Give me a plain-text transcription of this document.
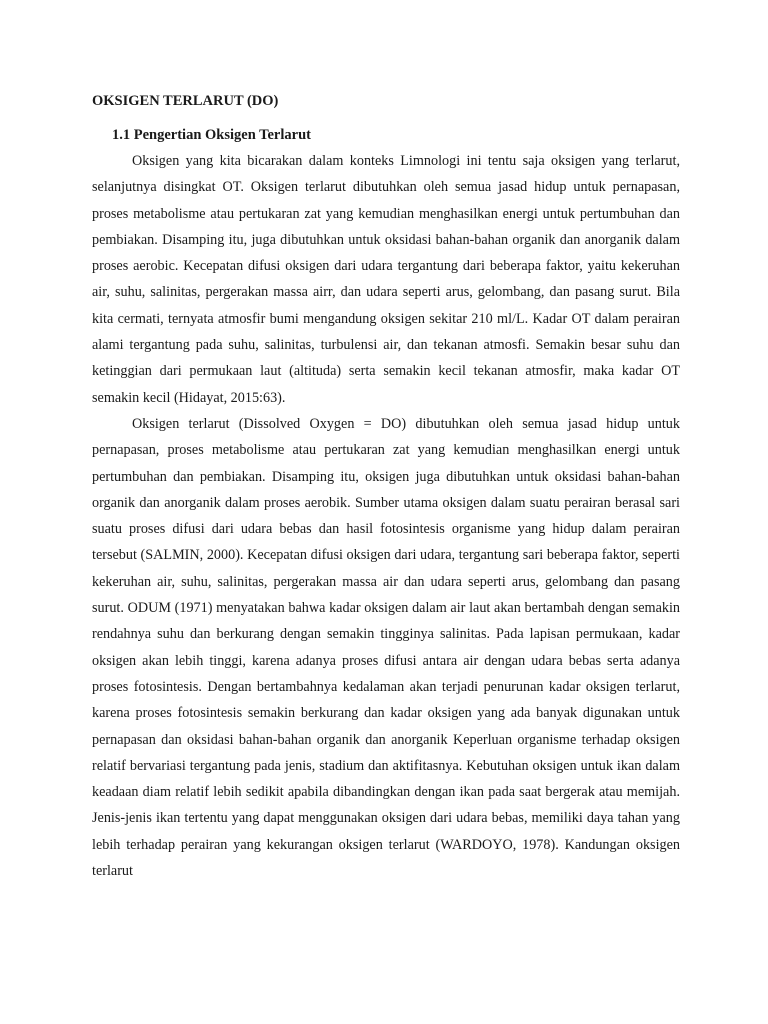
OKSIGEN TERLARUT (DO)
1.1 Pengertian Oksigen Terlarut

Oksigen yang kita bicarakan dalam konteks Limnologi ini tentu saja oksigen yang terlarut, selanjutnya disingkat OT. Oksigen terlarut dibutuhkan oleh semua jasad hidup untuk pernapasan, proses metabolisme atau pertukaran zat yang kemudian menghasilkan energi untuk pertumbuhan dan pembiakan. Disamping itu, juga dibutuhkan untuk oksidasi bahan-bahan organik dan anorganik dalam proses aerobic. Kecepatan difusi oksigen dari udara tergantung dari beberapa faktor, yaitu kekeruhan air, suhu, salinitas, pergerakan massa airr, dan udara seperti arus, gelombang, dan pasang surut. Bila kita cermati, ternyata atmosfir bumi mengandung oksigen sekitar 210 ml/L. Kadar OT dalam perairan alami tergantung pada suhu, salinitas, turbulensi air, dan tekanan atmosfi. Semakin besar suhu dan ketinggian dari permukaan laut (altituda) serta semakin kecil tekanan atmosfir, maka kadar OT semakin kecil (Hidayat, 2015:63).

Oksigen terlarut (Dissolved Oxygen = DO) dibutuhkan oleh semua jasad hidup untuk pernapasan, proses metabolisme atau pertukaran zat yang kemudian menghasilkan energi untuk pertumbuhan dan pembiakan. Disamping itu, oksigen juga dibutuhkan untuk oksidasi bahan-bahan organik dan anorganik dalam proses aerobik. Sumber utama oksigen dalam suatu perairan berasal sari suatu proses difusi dari udara bebas dan hasil fotosintesis organisme yang hidup dalam perairan tersebut (SALMIN, 2000). Kecepatan difusi oksigen dari udara, tergantung sari beberapa faktor, seperti kekeruhan air, suhu, salinitas, pergerakan massa air dan udara seperti arus, gelombang dan pasang surut. ODUM (1971) menyatakan bahwa kadar oksigen dalam air laut akan bertambah dengan semakin rendahnya suhu dan berkurang dengan semakin tingginya salinitas. Pada lapisan permukaan, kadar oksigen akan lebih tinggi, karena adanya proses difusi antara air dengan udara bebas serta adanya proses fotosintesis. Dengan bertambahnya kedalaman akan terjadi penurunan kadar oksigen terlarut, karena proses fotosintesis semakin berkurang dan kadar oksigen yang ada banyak digunakan untuk pernapasan dan oksidasi bahan-bahan organik dan anorganik Keperluan organisme terhadap oksigen relatif bervariasi tergantung pada jenis, stadium dan aktifitasnya. Kebutuhan oksigen untuk ikan dalam keadaan diam relatif lebih sedikit apabila dibandingkan dengan ikan pada saat bergerak atau memijah. Jenis-jenis ikan tertentu yang dapat menggunakan oksigen dari udara bebas, memiliki daya tahan yang lebih terhadap perairan yang kekurangan oksigen terlarut (WARDOYO, 1978). Kandungan oksigen terlarut
